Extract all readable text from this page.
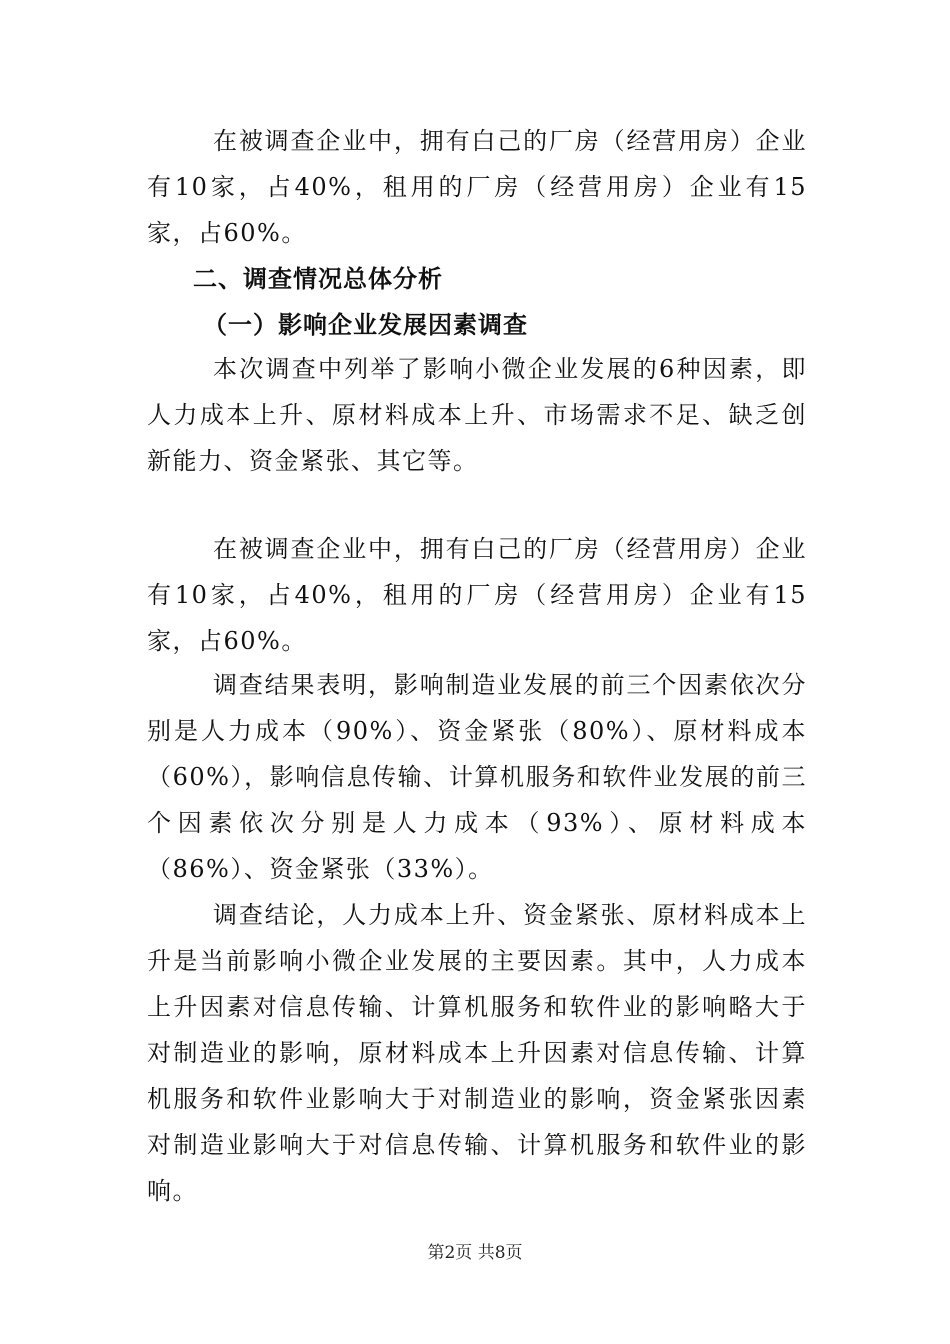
在被调查企业中，拥有白己的厂房（经营用房）企业有10家，占40%，租用的厂房（经营用房）企业有15家，占60%。

二、调查情况总体分析

（一）影响企业发展因素调查

本次调查中列举了影响小微企业发展的6种因素，即人力成本上升、原材料成本上升、市场需求不足、缺乏创新能力、资金紧张、其它等。

在被调查企业中，拥有白己的厂房（经营用房）企业有10家，占40%，租用的厂房（经营用房）企业有15家，占60%。

调查结果表明，影响制造业发展的前三个因素依次分别是人力成本（90%）、资金紧张（80%）、原材料成本（60%），影响信息传输、计算机服务和软件业发展的前三个因素依次分别是人力成本（93%）、原材料成本（86%）、资金紧张（33%）。

调查结论，人力成本上升、资金紧张、原材料成本上升是当前影响小微企业发展的主要因素。其中，人力成本上升因素对信息传输、计算机服务和软件业的影响略大于对制造业的影响，原材料成本上升因素对信息传输、计算机服务和软件业影响大于对制造业的影响，资金紧张因素对制造业影响大于对信息传输、计算机服务和软件业的影响。

第2页 共8页
